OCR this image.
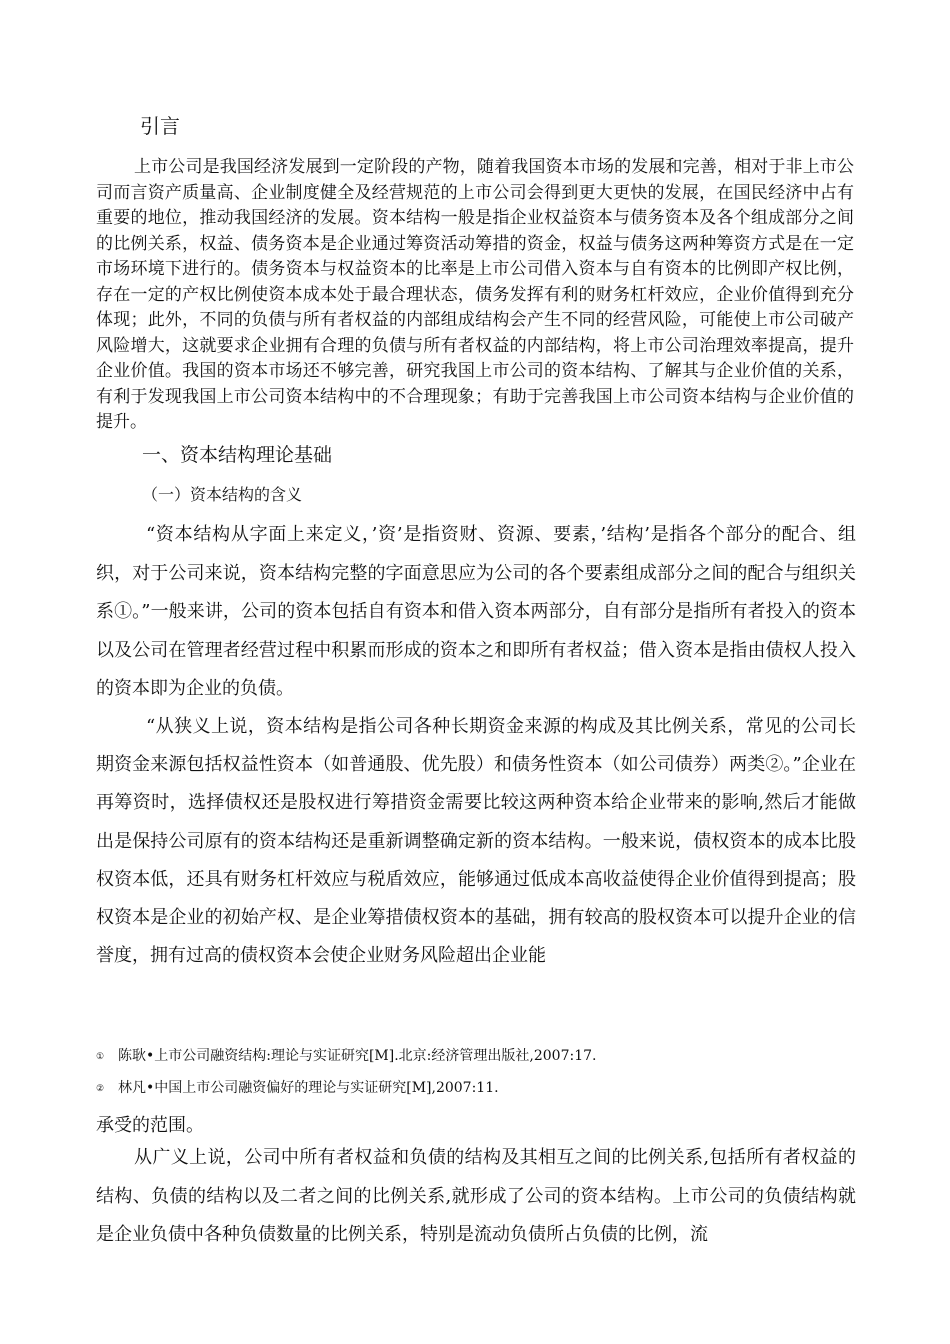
引言

上市公司是我国经济发展到一定阶段的产物，随着我国资本市场的发展和完善，相对于非上市公司而言资产质量高、企业制度健全及经营规范的上市公司会得到更大更快的发展，在国民经济中占有重要的地位，推动我国经济的发展。资本结构一般是指企业权益资本与债务资本及各个组成部分之间的比例关系，权益、债务资本是企业通过筹资活动筹措的资金，权益与债务这两种筹资方式是在一定市场环境下进行的。债务资本与权益资本的比率是上市公司借入资本与自有资本的比例即产权比例，存在一定的产权比例使资本成本处于最合理状态，债务发挥有利的财务杠杆效应，企业价值得到充分体现；此外，不同的负债与所有者权益的内部组成结构会产生不同的经营风险，可能使上市公司破产风险增大，这就要求企业拥有合理的负债与所有者权益的内部结构，将上市公司治理效率提高，提升企业价值。我国的资本市场还不够完善，研究我国上市公司的资本结构、了解其与企业价值的关系，有利于发现我国上市公司资本结构中的不合理现象；有助于完善我国上市公司资本结构与企业价值的提升。

一、资本结构理论基础
（一）资本结构的含义

“资本结构从字面上来定义，’资’是指资财、资源、要素，’结构’是指各个部分的配合、组织，对于公司来说，资本结构完整的字面意思应为公司的各个要素组成部分之间的配合与组织关系①。”一般来讲，公司的资本包括自有资本和借入资本两部分，自有部分是指所有者投入的资本以及公司在管理者经营过程中积累而形成的资本之和即所有者权益；借入资本是指由债权人投入的资本即为企业的负债。

“从狭义上说，资本结构是指公司各种长期资金来源的构成及其比例关系，常见的公司长期资金来源包括权益性资本（如普通股、优先股）和债务性资本（如公司债券）两类②。”企业在再筹资时，选择债权还是股权进行筹措资金需要比较这两种资本给企业带来的影响,然后才能做出是保持公司原有的资本结构还是重新调整确定新的资本结构。一般来说，债权资本的成本比股权资本低，还具有财务杠杆效应与税盾效应，能够通过低成本高收益使得企业价值得到提高；股权资本是企业的初始产权、是企业筹措债权资本的基础，拥有较高的股权资本可以提升企业的信誉度，拥有过高的债权资本会使企业财务风险超出企业能

① 陈耿•上市公司融资结构:理论与实证研究[M].北京:经济管理出版社,2007:17.
② 林凡•中国上市公司融资偏好的理论与实证研究[M],2007:11.
承受的范围。

从广义上说，公司中所有者权益和负债的结构及其相互之间的比例关系,包括所有者权益的结构、负债的结构以及二者之间的比例关系,就形成了公司的资本结构。上市公司的负债结构就是企业负债中各种负债数量的比例关系，特别是流动负债所占负债的比例，流
